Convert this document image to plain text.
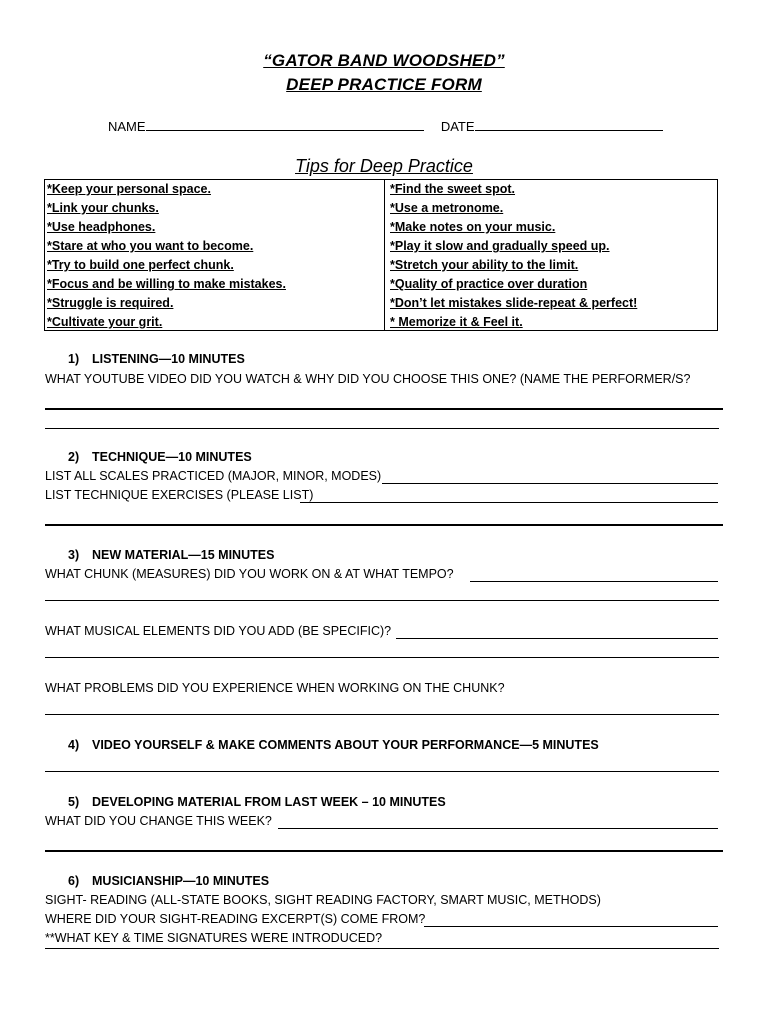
“GATOR BAND WOODSHED”
DEEP PRACTICE FORM
NAME	DATE
Tips for Deep Practice
*Keep your personal space.
*Link your chunks.
*Use headphones.
*Stare at who you want to become.
*Try to build one perfect chunk.
*Focus and be willing to make mistakes.
*Struggle is required.
*Cultivate your grit.
*Find the sweet spot.
*Use a metronome.
*Make notes on your music.
*Play it slow and gradually speed up.
*Stretch your ability to the limit.
*Quality of practice over duration
*Don’t let mistakes slide-repeat & perfect!
* Memorize it & Feel it.
1) LISTENING—10 MINUTES
WHAT YOUTUBE VIDEO DID YOU WATCH & WHY DID YOU CHOOSE THIS ONE? (NAME THE PERFORMER/S?
2) TECHNIQUE—10 MINUTES
LIST ALL SCALES PRACTICED (MAJOR, MINOR, MODES)
LIST TECHNIQUE EXERCISES (PLEASE LIST)
3) NEW MATERIAL—15 MINUTES
WHAT CHUNK (MEASURES) DID YOU WORK ON & AT WHAT TEMPO?
WHAT MUSICAL ELEMENTS DID YOU ADD (BE SPECIFIC)?
WHAT PROBLEMS DID YOU EXPERIENCE WHEN WORKING ON THE CHUNK?
4) VIDEO YOURSELF & MAKE COMMENTS ABOUT YOUR PERFORMANCE—5 MINUTES
5) DEVELOPING MATERIAL FROM LAST WEEK – 10 MINUTES
WHAT DID YOU CHANGE THIS WEEK?
6) MUSICIANSHIP—10 MINUTES
SIGHT- READING (ALL-STATE BOOKS, SIGHT READING FACTORY, SMART MUSIC, METHODS)
WHERE DID YOUR SIGHT-READING EXCERPT(S) COME FROM?
**WHAT KEY & TIME SIGNATURES WERE INTRODUCED?
